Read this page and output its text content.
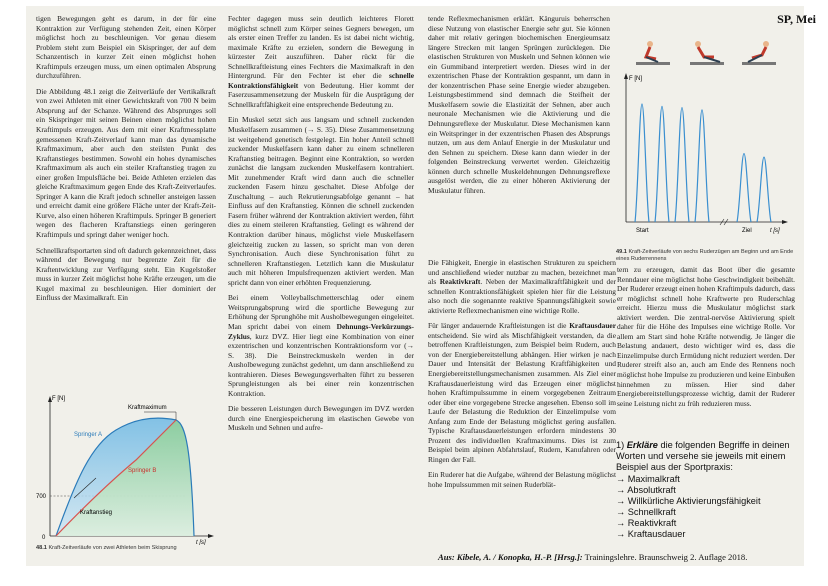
SP, Mei

tigen Bewegungen geht es darum, in der für eine Kontraktion zur Verfügung stehenden Zeit, einen Körper möglichst hoch zu beschleunigen. Vor genau diesem Problem steht zum Beispiel ein Skispringer, der auf dem Schanzentisch in kurzer Zeit einen möglichst hohen Kraftimpuls erzeugen muss, um einen optimalen Absprung durchzuführen.

Die Abbildung 48.1 zeigt die Zeitverläufe der Vertikalkraft von zwei Athleten mit einer Gewichtskraft von 700 N beim Absprung auf der Schanze. Während des Absprunges soll ein Skispringer mit seinen Beinen einen möglichst hohen Kraftimpuls erzeugen. Aus dem mit einer Kraftmessplatte gemessenen Kraft-Zeitverlauf kann man das dynamische Kraftmaximum, aber auch den steilsten Punkt des Kraftanstieges bestimmen. Sowohl ein hohes dynamisches Kraftmaximum als auch ein steiler Kraftanstieg tragen zu einer großen Impulsfläche bei. Beide Athleten erzielen das gleiche Kraftmaximum gegen Ende des Kraft-Zeitverlaufes. Springer A kann die Kraft jedoch schneller ansteigen lassen und erreicht damit eine größere Fläche unter der Kraft-Zeit-Kurve, also einen höheren Kraftimpuls. Springer B generiert wegen des flacheren Kraftanstiegs einen geringeren Kraftimpuls und springt daher weniger hoch.

Schnellkraftsportarten sind oft dadurch gekennzeichnet, dass während der Bewegung nur begrenzte Zeit für die Kraftentwicklung zur Verfügung steht. Ein Kugelstoßer muss in kurzer Zeit möglichst hohe Kräfte erzeugen, um die Kugel maximal zu beschleunigen. Hier dominiert der Einfluss der Maximalkraft. Ein

F [N]
t [s]
700
0
Springer A
Springer B
Kraftmaximum
Kraftanstieg
48.1 Kraft-Zeitverläufe von zwei Athleten beim Skisprung

Fechter dagegen muss sein deutlich leichteres Florett möglichst schnell zum Körper seines Gegners bewegen, um als erster einen Treffer zu landen. Es ist dabei nicht wichtig, maximale Kräfte zu erzielen, sondern die Bewegung in kürzester Zeit auszuführen. Daher rückt für die Schnellkraftleistung eines Fechters die Maximalkraft in den Hintergrund. Für den Fechter ist eher die schnelle Kontraktionsfähigkeit von Bedeutung. Hier kommt der Faserzusammensetzung der Muskeln für die Ausprägung der Schnellkraftfähigkeit eine entsprechende Bedeutung zu.

Ein Muskel setzt sich aus langsam und schnell zuckenden Muskelfasern zusammen (→ S. 35). Diese Zusammensetzung ist weitgehend genetisch festgelegt. Ein hoher Anteil schnell zuckender Muskelfasern kann daher zu einem schnelleren Kraftanstieg beitragen. Beginnt eine Kontraktion, so werden zunächst die langsam zuckenden Muskelfasern kontrahiert. Mit zunehmender Kraft wird dann auch die schneller zuckenden Fasern hinzu geschaltet. Diese Abfolge der Zuschaltung – auch Rekrutierungsabfolge genannt – hat Einfluss auf den Kraftanstieg. Können die schnell zuckenden Fasern früher während der Kontraktion aktiviert werden, führt dies zu einem steileren Kraftanstieg. Gelingt es während der Kontraktion darüber hinaus, möglichst viele Muskelfasern gleichzeitig zucken zu lassen, so spricht man von deren Synchronisation. Auch diese Synchronisation führt zu schnelleren Kraftanstiegen. Letztlich kann die Muskulatur auch mit höheren Impulsfrequenzen aktiviert werden. Man spricht dann von einer erhöhten Frequenzierung.

Bei einem Volleyballschmetterschlag oder einem Weitsprungabsprung wird die sportliche Bewegung zur Erhöhung der Sprunghöhe mit Ausholbewegungen eingeleitet. Man spricht dabei von einem Dehnungs-Verkürzungs-Zyklus, kurz DVZ. Hier liegt eine Kombination von einer exzentrischen und konzentrischen Kontraktionsform vor (→ S. 38). Die Beinstreckmuskeln werden in der Ausholbewegung zunächst gedehnt, um dann anschließend zu kontrahieren. Dieses Bewegungsverhalten führt zu besseren Sprungleistungen als bei einer rein konzentrischen Kontraktion.

Die besseren Leistungen durch Bewegungen im DVZ werden durch eine Energiespeicherung im elastischen Gewebe von Muskeln und Sehnen und aufre-

tende Reflexmechanismen erklärt. Känguruis beherrschen diese Nutzung von elastischer Energie sehr gut. Sie können daher mit relativ geringen biochemischen Energieumsatz längere Strecken mit langen Sprüngen zurücklegen. Die elastischen Strukturen von Muskeln und Sehnen können wie ein Gummiband interpretiert werden. Dieses wird in der exzentrischen Phase der Kontraktion gespannt, um dann in der konzentrischen Phase seine Energie wieder abzugeben. Leistungsbestimmend sind demnach die Steifheit der Muskelfasern sowie die Elastizität der Sehnen, aber auch neuronale Mechanismen wie die Aktivierung und die Dehnungsreflexe der Muskulatur. Diese Mechanismen kann ein Weitspringer in der exzentrischen Phasen des Absprungs nutzen, um aus dem Anlauf Energie in der Muskulatur und den Sehnen zu speichern. Diese kann dann wieder in der folgenden Beinstreckung verwertet werden. Gleichzeitig können durch schnelle Muskeldehnungen Dehnungsreflexe ausgelöst werden, die zu einer höheren Aktivierung der Muskulatur führen.

Die Fähigkeit, Energie in elastischen Strukturen zu speichern und anschließend wieder nutzbar zu machen, bezeichnet man als Reaktivkraft. Neben der Maximalkraftfähigkeit und der schnellen Kontraktionsfähigkeit spielen hier für die Leistung also noch die sogenannte reaktive Spannungsfähigkeit sowie aktivierte Reflexmechanismen eine wichtige Rolle.

Für länger andauernde Kraftleistungen ist die Kraftausdauer entscheidend. Sie wird als Mischfähigkeit verstanden, da die betroffenen Kraftleistungen, zum Beispiel beim Rudern, auch von der Energiebereitstellung abhängen. Hier wirken je nach Dauer und Intensität der Belastung Kraftfähigkeiten und Energiebereitstellungsmechanismen zusammen. Als Ziel einer Kraftausdauerleistung wird das Erzeugen einer möglichst hohen Kraftimpulssumme in einem vorgegebenen Zeitraum oder über eine vorgegebene Strecke angesehen. Ebenso soll im Laufe der Belastung die Reduktion der Einzelimpulse vom Anfang zum Ende der Belastung möglichst gering ausfallen. Typische Kraftausdauerleistungen erfordern mindestens 30 Prozent des individuellen Kraftmaximums. Dies ist zum Beispiel beim alpinen Abfahrtslauf, Rudern, Kanufahren oder Ringen der Fall.

Ein Ruderer hat die Aufgabe, während der Belastung möglichst hohe Impulssummen mit seinen Ruderblät-

F [N]
t [s]
Start	Ziel
49.1 Kraft-Zeitverläufe von sechs Ruderzügen am Beginn und am Ende eines Ruderrennens

tern zu erzeugen, damit das Boot über die gesamte Renndauer eine möglichst hohe Geschwindigkeit beibehält. Der Ruderer erzeugt einen hohen Kraftimpuls dadurch, dass er möglichst schnell hohe Kraftwerte pro Ruderschlag erreicht. Hierzu muss die Muskulatur möglichst stark aktiviert werden. Die zentral-nervöse Aktivierung spielt daher für die Höhe des Impulses eine wichtige Rolle. Vor allem am Start sind hohe Kräfte notwendig. Je länger die Belastung andauert, desto wichtiger wird es, dass die Einzelimpulse durch Ermüdung nicht reduziert werden. Der Ruderer streift also an, auch am Ende des Rennens noch möglichst hohe Impulse zu produzieren und keine Einbußen hinnehmen zu müssen. Hier sind daher Energiebereitstellungsprozesse wichtig, damit der Ruderer seine Leistung nicht zu früh reduzieren muss.

1) Erkläre die folgenden Begriffe in deinen Worten und versehe sie jeweils mit einem Beispiel aus der Sportpraxis:
→ Maximalkraft
→ Absolutkraft
→ Willkürliche Aktivierungsfähigkeit
→ Schnellkraft
→ Reaktivkraft
→ Kraftausdauer
Aus: Kibele, A. / Konopka, H.-P. [Hrsg.]: Trainingslehre. Braunschweig 2. Auflage 2018.
